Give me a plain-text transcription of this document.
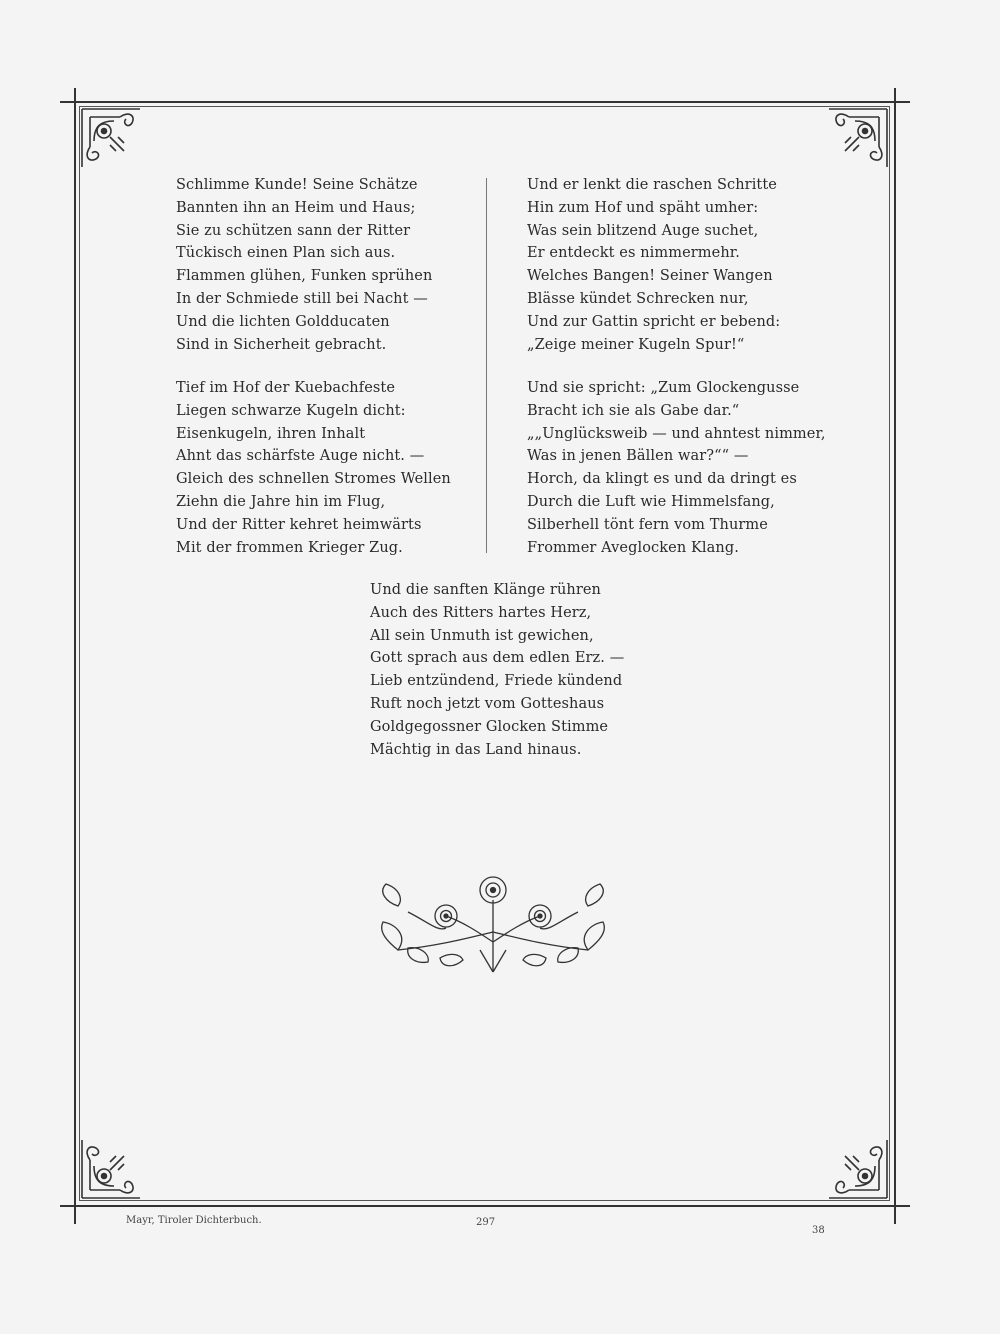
Schlimme Kunde! Seine Schätze
Bannten ihn an Heim und Haus;
Sie zu schützen sann der Ritter
Tückisch einen Plan sich aus.
Flammen glühen, Funken sprühen
In der Schmiede still bei Nacht —
Und die lichten Goldducaten
Sind in Sicherheit gebracht.
Tief im Hof der Kuebachfeste
Liegen schwarze Kugeln dicht:
Eisenkugeln, ihren Inhalt
Ahnt das schärfste Auge nicht. —
Gleich des schnellen Stromes Wellen
Ziehn die Jahre hin im Flug,
Und der Ritter kehret heimwärts
Mit der frommen Krieger Zug.
Und er lenkt die raschen Schritte
Hin zum Hof und späht umher:
Was sein blitzend Auge suchet,
Er entdeckt es nimmermehr.
Welches Bangen! Seiner Wangen
Blässe kündet Schrecken nur,
Und zur Gattin spricht er bebend:
„Zeige meiner Kugeln Spur!“
Und sie spricht: „Zum Glockengusse
Bracht ich sie als Gabe dar.“
„„Unglücksweib — und ahntest nimmer,
Was in jenen Bällen war?““ —
Horch, da klingt es und da dringt es
Durch die Luft wie Himmelsfang,
Silberhell tönt fern vom Thurme
Frommer Aveglocken Klang.
Und die sanften Klänge rühren
Auch des Ritters hartes Herz,
All sein Unmuth ist gewichen,
Gott sprach aus dem edlen Erz. —
Lieb entzündend, Friede kündend
Ruft noch jetzt vom Gotteshaus
Goldgegossner Glocken Stimme
Mächtig in das Land hinaus.
Mayr, Tiroler Dichterbuch.	297
38
